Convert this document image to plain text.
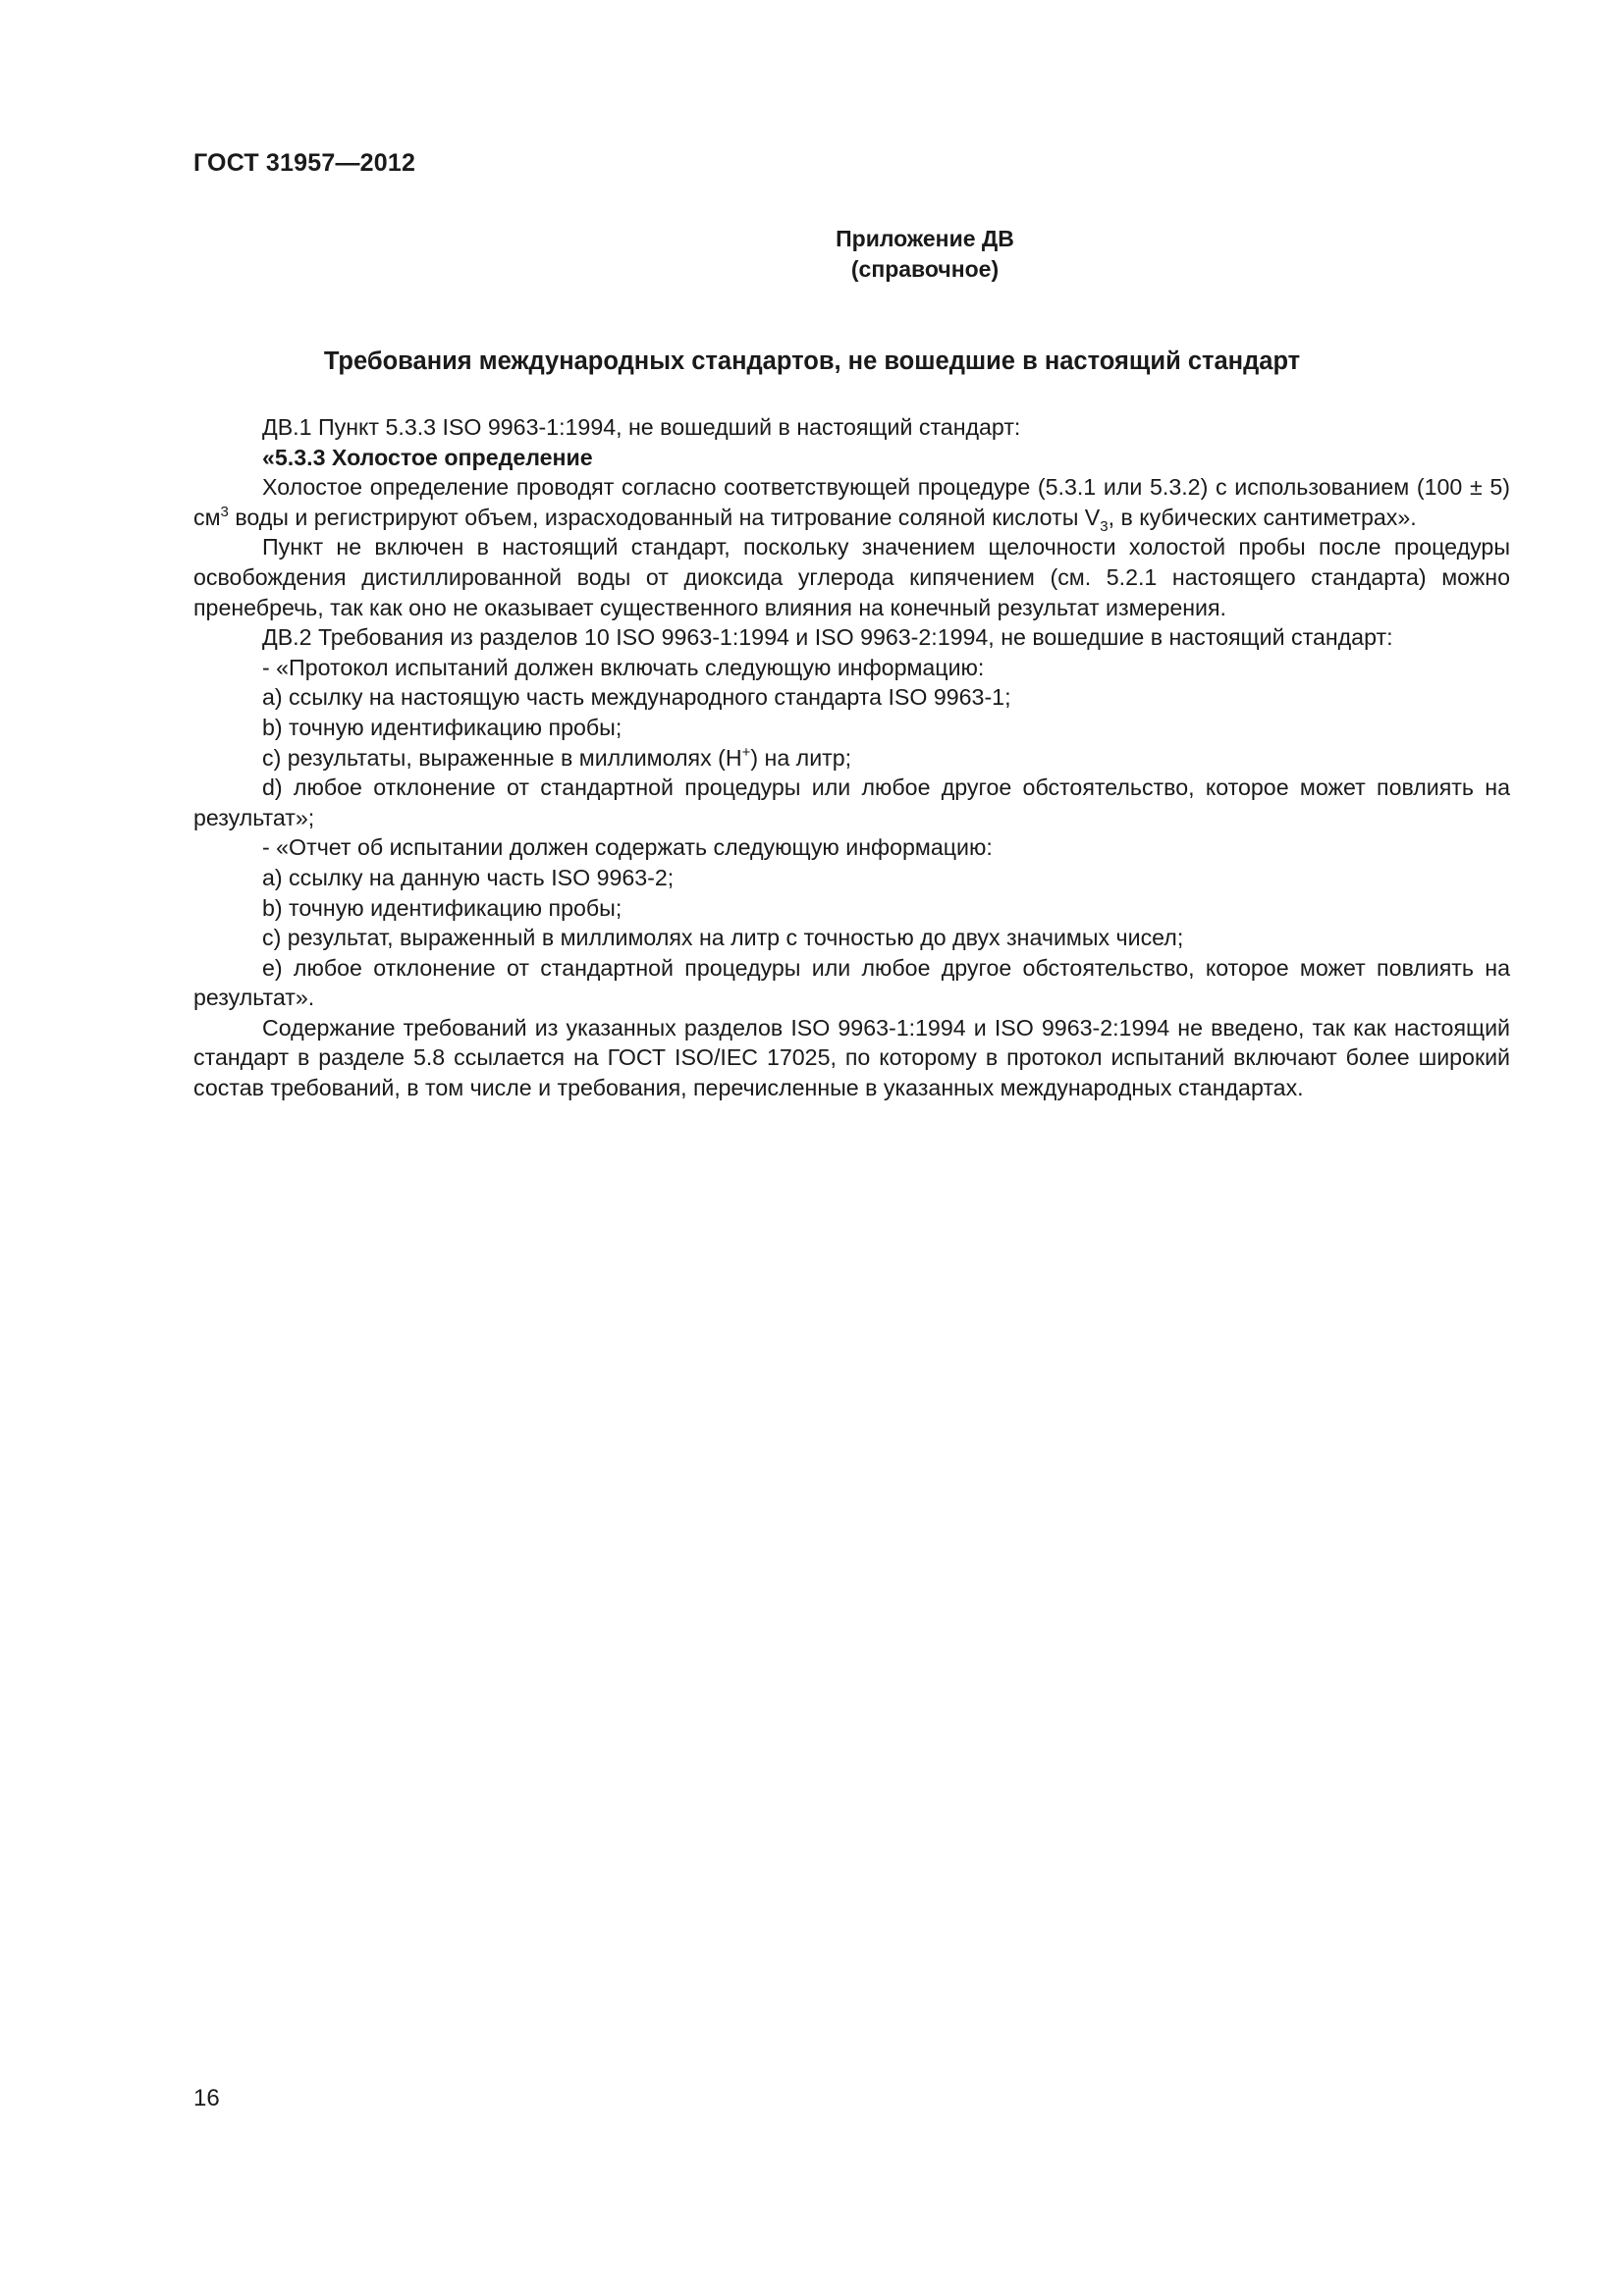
ГОСТ 31957—2012
Приложение ДВ
(справочное)
Требования международных стандартов, не вошедшие в настоящий стандарт

ДВ.1 Пункт 5.3.3 ISO 9963-1:1994, не вошедший в настоящий стандарт:

«5.3.3 Холостое определение

Холостое определение проводят согласно соответствующей процедуре (5.3.1 или 5.3.2) с использованием (100 ± 5) $см^3$ воды и регистрируют объем, израсходованный на титрование соляной кислоты $V_3$, в кубических сантиметрах».

Пункт не включен в настоящий стандарт, поскольку значением щелочности холостой пробы после процедуры освобождения дистиллированной воды от диоксида углерода кипячением (см. 5.2.1 настоящего стандарта) можно пренебречь, так как оно не оказывает существенного влияния на конечный результат измерения.

ДВ.2 Требования из разделов 10 ISO 9963-1:1994 и ISO 9963-2:1994, не вошедшие в настоящий стандарт:

- «Протокол испытаний должен включать следующую информацию:

a) ссылку на настоящую часть международного стандарта ISO 9963-1;

b) точную идентификацию пробы;

c) результаты, выраженные в миллимолях (H+) на литр;

d) любое отклонение от стандартной процедуры или любое другое обстоятельство, которое может повлиять на результат»;

- «Отчет об испытании должен содержать следующую информацию:

a) ссылку на данную часть ISO 9963-2;

b) точную идентификацию пробы;

c) результат, выраженный в миллимолях на литр с точностью до двух значимых чисел;

e) любое отклонение от стандартной процедуры или любое другое обстоятельство, которое может повлиять на результат».

Содержание требований из указанных разделов ISO 9963-1:1994 и ISO 9963-2:1994 не введено, так как настоящий стандарт в разделе 5.8 ссылается на ГОСТ ISO/IEC 17025, по которому в протокол испытаний включают более широкий состав требований, в том числе и требования, перечисленные в указанных международных стандартах.

16
